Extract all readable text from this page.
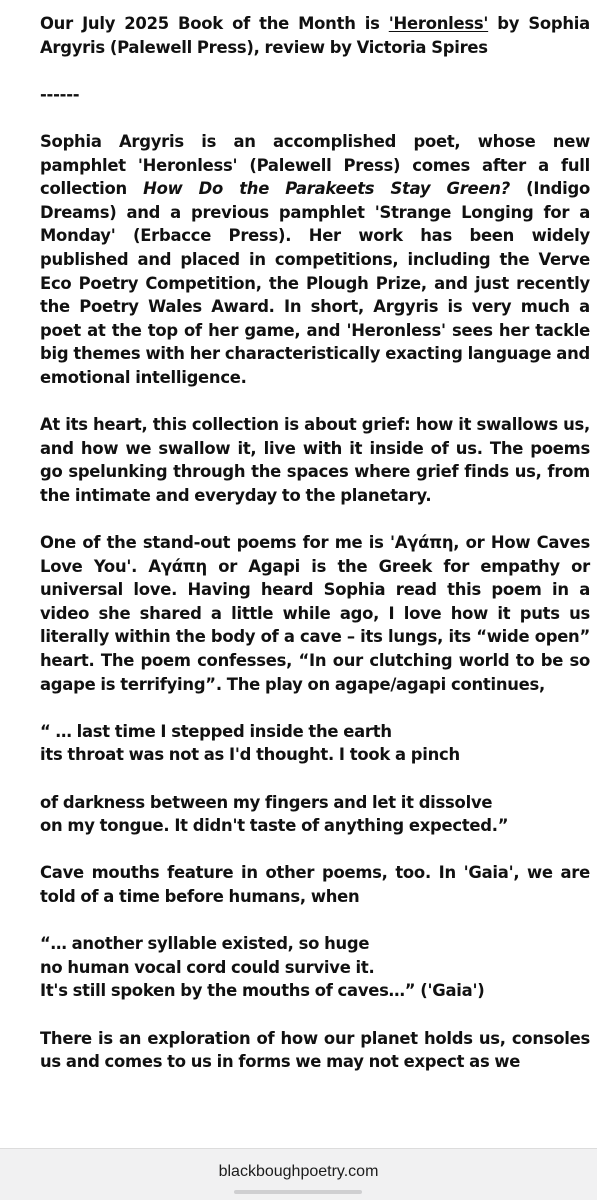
Our July 2025 Book of the Month is 'Heronless' by Sophia Argyris (Palewell Press), review by Victoria Spires

------

Sophia Argyris is an accomplished poet, whose new pamphlet 'Heronless' (Palewell Press) comes after a full collection How Do the Parakeets Stay Green? (Indigo Dreams) and a previous pamphlet 'Strange Longing for a Monday' (Erbacce Press). Her work has been widely published and placed in competitions, including the Verve Eco Poetry Competition, the Plough Prize, and just recently the Poetry Wales Award. In short, Argyris is very much a poet at the top of her game, and 'Heronless' sees her tackle big themes with her characteristically exacting language and emotional intelligence.

At its heart, this collection is about grief: how it swallows us, and how we swallow it, live with it inside of us. The poems go spelunking through the spaces where grief finds us, from the intimate and everyday to the planetary.

One of the stand-out poems for me is 'Αγάπη, or How Caves Love You'. Αγάπη or Agapi is the Greek for empathy or universal love. Having heard Sophia read this poem in a video she shared a little while ago, I love how it puts us literally within the body of a cave – its lungs, its “wide open” heart. The poem confesses, “In our clutching world to be so agape is terrifying”. The play on agape/agapi continues,

“ … last time I stepped inside the earth
its throat was not as I'd thought. I took a pinch

of darkness between my fingers and let it dissolve
on my tongue. It didn't taste of anything expected.”

Cave mouths feature in other poems, too. In 'Gaia', we are told of a time before humans, when

“… another syllable existed, so huge
no human vocal cord could survive it.
It's still spoken by the mouths of caves…” ('Gaia')

There is an exploration of how our planet holds us, consoles us and comes to us in forms we may not expect as we

blackboughpoetry.com
